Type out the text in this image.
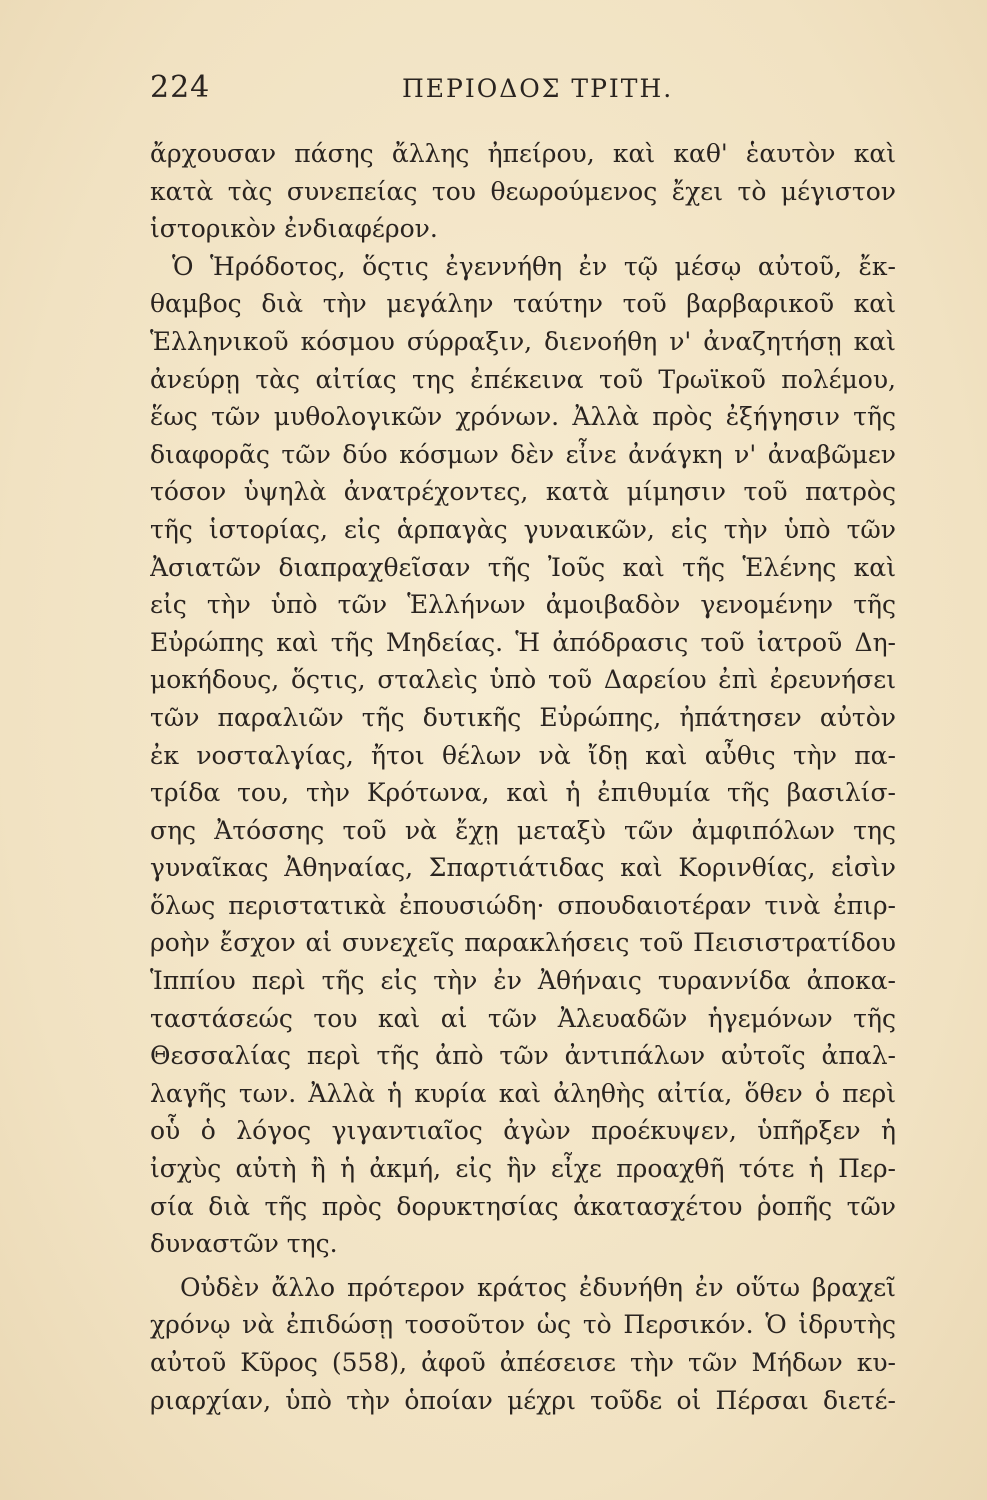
224	ΠΕΡΙΟΔΟΣ ΤΡΙΤΗ.
ἄρχουσαν πάσης ἄλλης ἠπείρου, καὶ καθ' ἑαυτὸν καὶ
κατὰ τὰς συνεπείας του θεωρούμενος ἔχει τὸ μέγιστον
ἱστορικὸν ἐνδιαφέρον.
Ὁ Ἡρόδοτος, ὅςτις ἐγεννήθη ἐν τῷ μέσῳ αὐτοῦ, ἔκ-
θαμβος διὰ τὴν μεγάλην ταύτην τοῦ βαρβαρικοῦ καὶ
Ἑλληνικοῦ κόσμου σύρραξιν, διενοήθη ν' ἀναζητήσῃ καὶ
ἀνεύρῃ τὰς αἰτίας της ἐπέκεινα τοῦ Τρωϊκοῦ πολέμου,
ἕως τῶν μυθολογικῶν χρόνων. Ἀλλὰ πρὸς ἐξήγησιν τῆς
διαφορᾶς τῶν δύο κόσμων δὲν εἶνε ἀνάγκη ν' ἀναβῶμεν
τόσον ὑψηλὰ ἀνατρέχοντες, κατὰ μίμησιν τοῦ πατρὸς
τῆς ἱστορίας, εἰς ἁρπαγὰς γυναικῶν, εἰς τὴν ὑπὸ τῶν
Ἀσιατῶν διαπραχθεῖσαν τῆς Ἰοῦς καὶ τῆς Ἑλένης καὶ
εἰς τὴν ὑπὸ τῶν Ἑλλήνων ἀμοιβαδὸν γενομένην τῆς
Εὐρώπης καὶ τῆς Μηδείας. Ἡ ἀπόδρασις τοῦ ἰατροῦ Δη-
μοκήδους, ὅςτις, σταλεὶς ὑπὸ τοῦ Δαρείου ἐπὶ ἐρευνήσει
τῶν παραλιῶν τῆς δυτικῆς Εὐρώπης, ἠπάτησεν αὐτὸν
ἐκ νοσταλγίας, ἤτοι θέλων νὰ ἴδῃ καὶ αὖθις τὴν πα-
τρίδα του, τὴν Κρότωνα, καὶ ἡ ἐπιθυμία τῆς βασιλίσ-
σης Ἀτόσσης τοῦ νὰ ἔχῃ μεταξὺ τῶν ἀμφιπόλων της
γυναῖκας Ἀθηναίας, Σπαρτιάτιδας καὶ Κορινθίας, εἰσὶν
ὅλως περιστατικὰ ἐπουσιώδη· σπουδαιοτέραν τινὰ ἐπιρ-
ροὴν ἔσχον αἱ συνεχεῖς παρακλήσεις τοῦ Πεισιστρατίδου
Ἱππίου περὶ τῆς εἰς τὴν ἐν Ἀθήναις τυραννίδα ἀποκα-
ταστάσεώς του καὶ αἱ τῶν Ἀλευαδῶν ἡγεμόνων τῆς
Θεσσαλίας περὶ τῆς ἀπὸ τῶν ἀντιπάλων αὐτοῖς ἀπαλ-
λαγῆς των. Ἀλλὰ ἡ κυρία καὶ ἀληθὴς αἰτία, ὅθεν ὁ περὶ
οὗ ὁ λόγος γιγαντιαῖος ἀγὼν προέκυψεν, ὑπῆρξεν ἡ
ἰσχὺς αὐτὴ ἢ ἡ ἀκμή, εἰς ἣν εἶχε προαχθῆ τότε ἡ Περ-
σία διὰ τῆς πρὸς δορυκτησίας ἀκατασχέτου ῥοπῆς τῶν
δυναστῶν της.
Οὐδὲν ἄλλο πρότερον κράτος ἐδυνήθη ἐν οὕτω βραχεῖ
χρόνῳ νὰ ἐπιδώσῃ τοσοῦτον ὡς τὸ Περσικόν. Ὁ ἱδρυτὴς
αὐτοῦ Κῦρος (558), ἀφοῦ ἀπέσεισε τὴν τῶν Μήδων κυ-
ριαρχίαν, ὑπὸ τὴν ὁποίαν μέχρι τοῦδε οἱ Πέρσαι διετέ-
